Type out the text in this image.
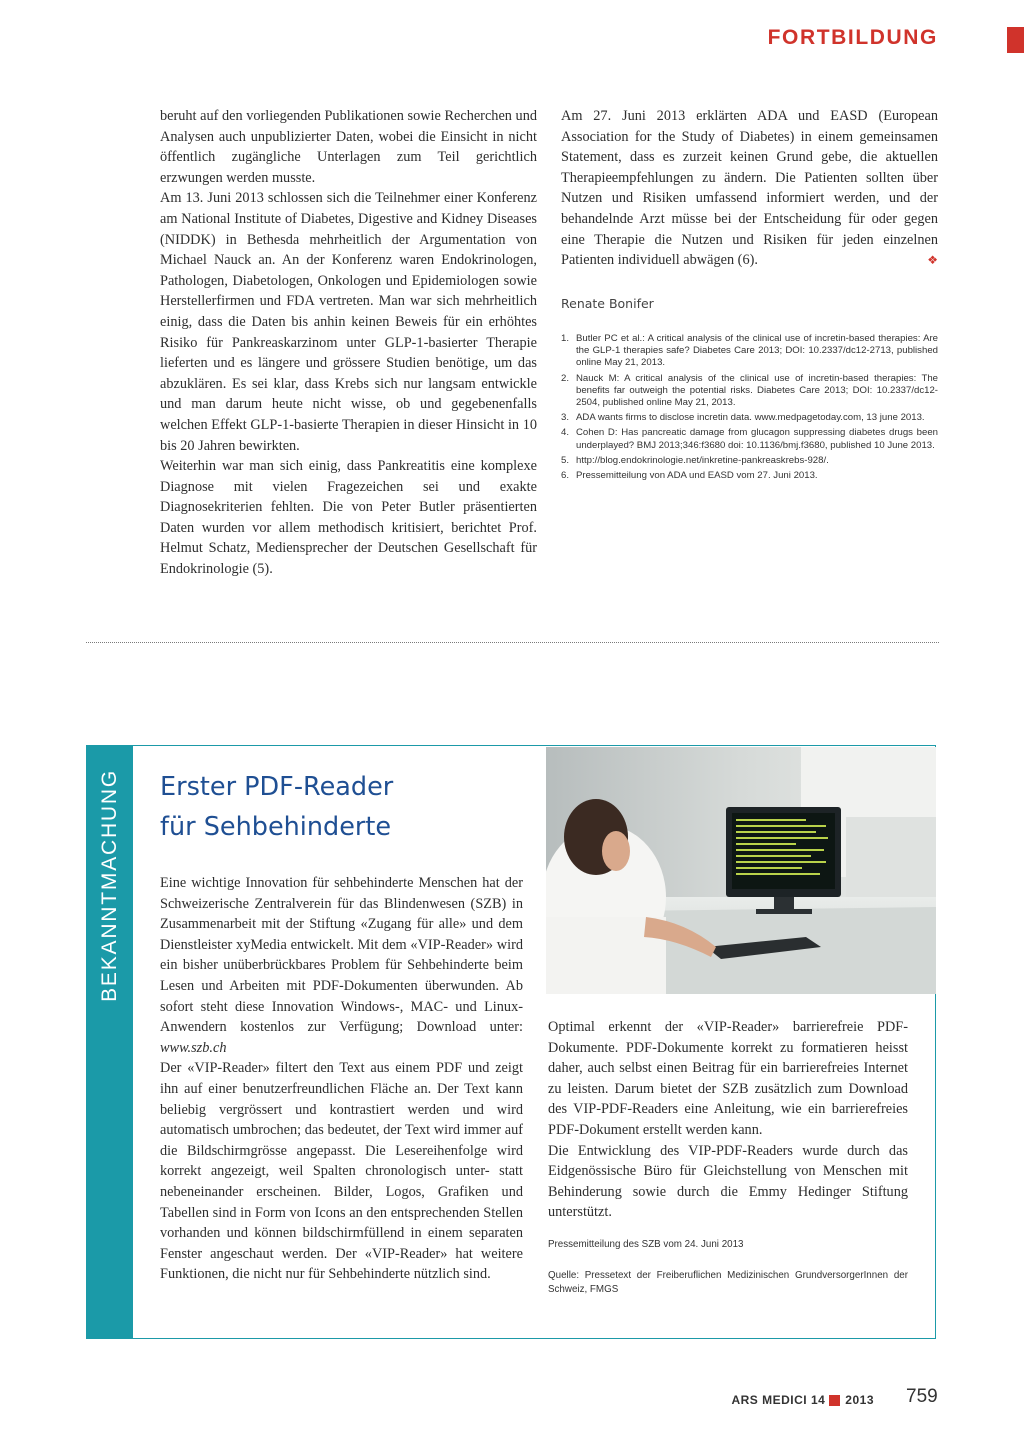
FORTBILDUNG

beruht auf den vorliegenden Publikationen sowie Recherchen und Analysen auch unpublizierter Daten, wobei die Einsicht in nicht öffentlich zugängliche Unterlagen zum Teil gerichtlich erzwungen werden musste.

Am 13. Juni 2013 schlossen sich die Teilnehmer einer Konferenz am National Institute of Diabetes, Digestive and Kidney Diseases (NIDDK) in Bethesda mehrheitlich der Argumentation von Michael Nauck an. An der Konferenz waren Endokrinologen, Pathologen, Diabetologen, Onkologen und Epidemiologen sowie Herstellerfirmen und FDA vertreten. Man war sich mehrheitlich einig, dass die Daten bis anhin keinen Beweis für ein erhöhtes Risiko für Pankreaskarzinom unter GLP-1-basierter Therapie lieferten und es längere und grössere Studien benötige, um das abzuklären. Es sei klar, dass Krebs sich nur langsam entwickle und man darum heute nicht wisse, ob und gegebenenfalls welchen Effekt GLP-1-basierte Therapien in dieser Hinsicht in 10 bis 20 Jahren bewirkten.

Weiterhin war man sich einig, dass Pankreatitis eine komplexe Diagnose mit vielen Fragezeichen sei und exakte Diagnosekriterien fehlten. Die von Peter Butler präsentierten Daten wurden vor allem methodisch kritisiert, berichtet Prof. Helmut Schatz, Mediensprecher der Deutschen Gesellschaft für Endokrinologie (5).

Am 27. Juni 2013 erklärten ADA und EASD (European Association for the Study of Diabetes) in einem gemeinsamen Statement, dass es zurzeit keinen Grund gebe, die aktuellen Therapieempfehlungen zu ändern. Die Patienten sollten über Nutzen und Risiken umfassend informiert werden, und der behandelnde Arzt müsse bei der Entscheidung für oder gegen eine Therapie die Nutzen und Risiken für jeden einzelnen Patienten individuell abwägen (6).	❖

Renate Bonifer
1. Butler PC et al.: A critical analysis of the clinical use of incretin-based therapies: Are the GLP-1 therapies safe? Diabetes Care 2013; DOI: 10.2337/dc12-2713, published online May 21, 2013.
2. Nauck M: A critical analysis of the clinical use of incretin-based therapies: The benefits far outweigh the potential risks. Diabetes Care 2013; DOI: 10.2337/dc12-2504, published online May 21, 2013.
3. ADA wants firms to disclose incretin data. www.medpagetoday.com, 13 june 2013.
4. Cohen D: Has pancreatic damage from glucagon suppressing diabetes drugs been underplayed? BMJ 2013;346:f3680 doi: 10.1136/bmj.f3680, published 10 June 2013.
5. http://blog.endokrinologie.net/inkretine-pankreaskrebs-928/.
6. Pressemitteilung von ADA und EASD vom 27. Juni 2013.
BEKANNTMACHUNG Erster PDF-Reader
für Sehbehinderte

Eine wichtige Innovation für sehbehinderte Menschen hat der Schweizerische Zentralverein für das Blindenwesen (SZB) in Zusammenarbeit mit der Stiftung «Zugang für alle» und dem Dienstleister xyMedia entwickelt. Mit dem «VIP-Reader» wird ein bisher unüberbrückbares Problem für Sehbehinderte beim Lesen und Arbeiten mit PDF-Dokumenten überwunden. Ab sofort steht diese Innovation Windows-, MAC- und Linux-Anwendern kostenlos zur Verfügung; Download unter: www.szb.ch

Der «VIP-Reader» filtert den Text aus einem PDF und zeigt ihn auf einer benutzerfreundlichen Fläche an. Der Text kann beliebig vergrössert und kontrastiert werden und wird automatisch umbrochen; das bedeutet, der Text wird immer auf die Bildschirmgrösse angepasst. Die Lesereihenfolge wird korrekt angezeigt, weil Spalten chronologisch unter- statt nebeneinander erscheinen. Bilder, Logos, Grafiken und Tabellen sind in Form von Icons an den entsprechenden Stellen vorhanden und können bildschirmfüllend in einem separaten Fenster angeschaut werden. Der «VIP-Reader» hat weitere Funktionen, die nicht nur für Sehbehinderte nützlich sind.

Optimal erkennt der «VIP-Reader» barrierefreie PDF-Dokumente. PDF-Dokumente korrekt zu formatieren heisst daher, auch selbst einen Beitrag für ein barrierefreies Internet zu leisten. Darum bietet der SZB zusätzlich zum Download des VIP-PDF-Readers eine Anleitung, wie ein barrierefreies PDF-Dokument erstellt werden kann.

Die Entwicklung des VIP-PDF-Readers wurde durch das Eidgenössische Büro für Gleichstellung von Menschen mit Behinderung sowie durch die Emmy Hedinger Stiftung unterstützt.

Pressemitteilung des SZB vom 24. Juni 2013
Quelle: Pressetext der Freiberuflichen Medizinischen GrundversorgerInnen der Schweiz, FMGS
ARS MEDICI 14 2013 759
